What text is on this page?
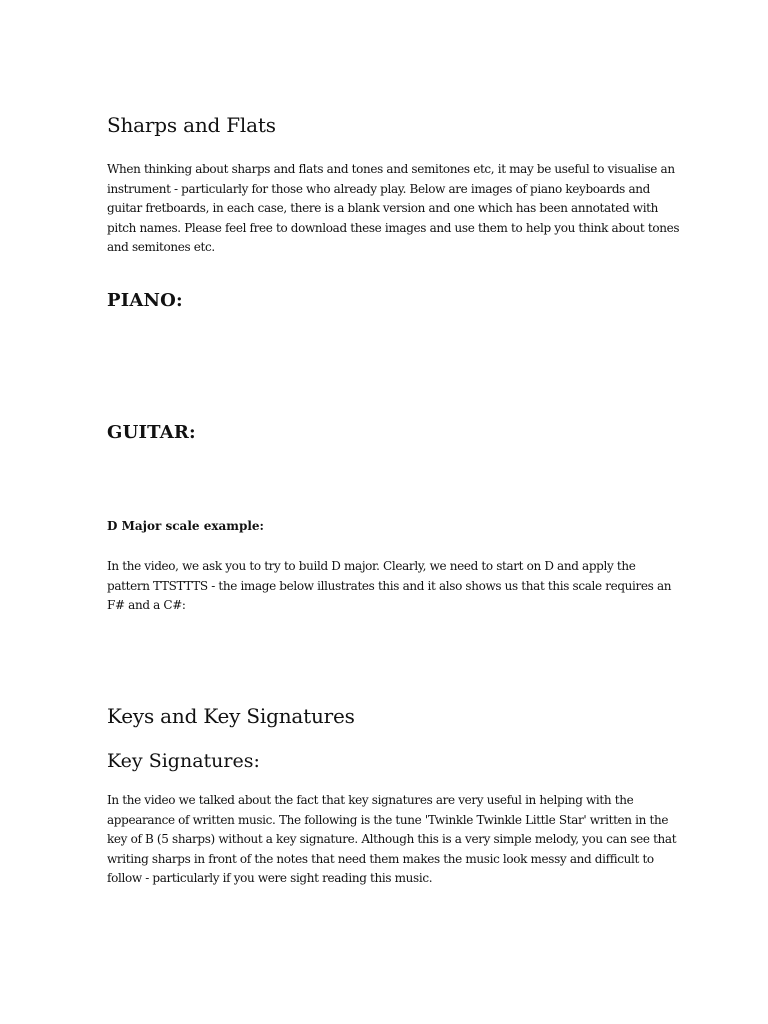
Sharps and Flats
When thinking about sharps and flats and tones and semitones etc, it may be useful to visualise an
instrument - particularly for those who already play. Below are images of piano keyboards and
guitar fretboards, in each case, there is a blank version and one which has been annotated with
pitch names. Please feel free to download these images and use them to help you think about tones
and semitones etc.
PIANO:
GUITAR:
D Major scale example:
In the video, we ask you to try to build D major. Clearly, we need to start on D and apply the
pattern TTSTTTS - the image below illustrates this and it also shows us that this scale requires an
F# and a C#:
Keys and Key Signatures
Key Signatures:
In the video we talked about the fact that key signatures are very useful in helping with the
appearance of written music. The following is the tune 'Twinkle Twinkle Little Star' written in the
key of B (5 sharps) without a key signature. Although this is a very simple melody, you can see that
writing sharps in front of the notes that need them makes the music look messy and difficult to
follow - particularly if you were sight reading this music.
